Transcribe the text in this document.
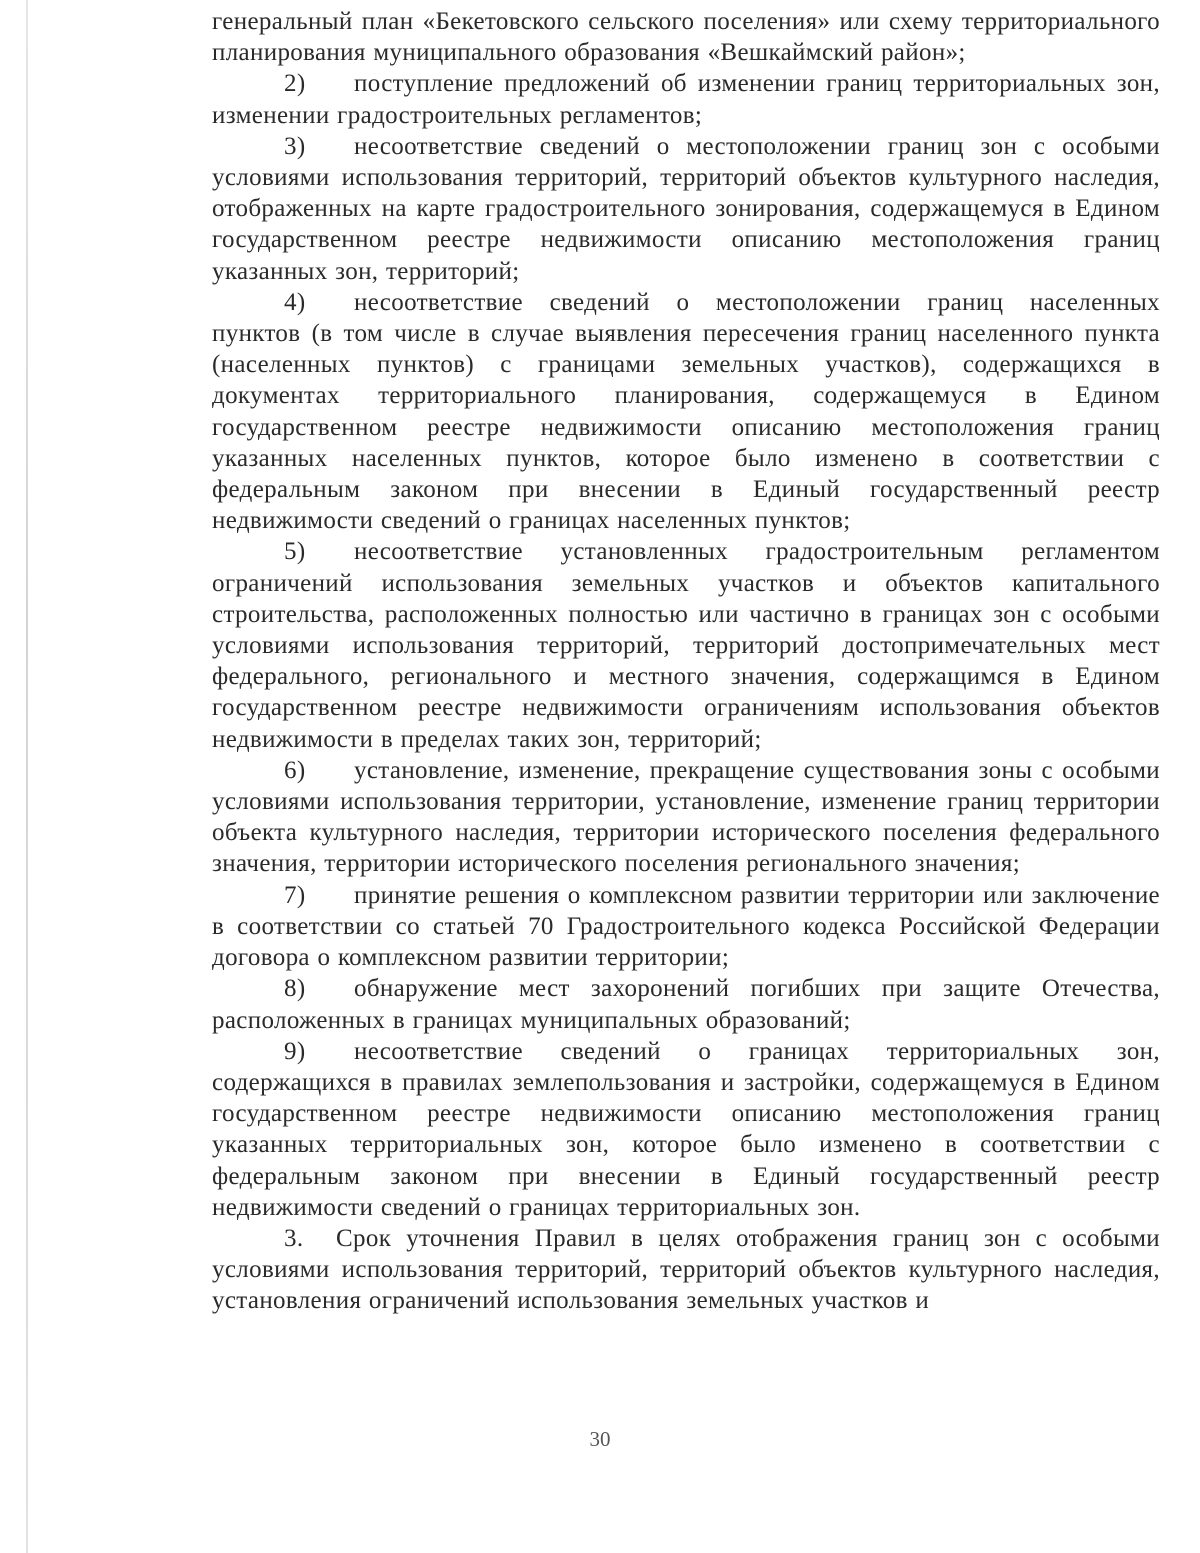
генеральный план «Бекетовского сельского поселения» или схему территориального планирования муниципального образования «Вешкаймский район»;

2) поступление предложений об изменении границ территориальных зон, изменении градостроительных регламентов;

3) несоответствие сведений о местоположении границ зон с особыми условиями использования территорий, территорий объектов культурного наследия, отображенных на карте градостроительного зонирования, содержащемуся в Едином государственном реестре недвижимости описанию местоположения границ указанных зон, территорий;

4) несоответствие сведений о местоположении границ населенных пунктов (в том числе в случае выявления пересечения границ населенного пункта (населенных пунктов) с границами земельных участков), содержащихся в документах территориального планирования, содержащемуся в Едином государственном реестре недвижимости описанию местоположения границ указанных населенных пунктов, которое было изменено в соответствии с федеральным законом при внесении в Единый государственный реестр недвижимости сведений о границах населенных пунктов;

5) несоответствие установленных градостроительным регламентом ограничений использования земельных участков и объектов капитального строительства, расположенных полностью или частично в границах зон с особыми условиями использования территорий, территорий достопримечательных мест федерального, регионального и местного значения, содержащимся в Едином государственном реестре недвижимости ограничениям использования объектов недвижимости в пределах таких зон, территорий;

6) установление, изменение, прекращение существования зоны с особыми условиями использования территории, установление, изменение границ территории объекта культурного наследия, территории исторического поселения федерального значения, территории исторического поселения регионального значения;

7) принятие решения о комплексном развитии территории или заключение в соответствии со статьей 70 Градостроительного кодекса Российской Федерации договора о комплексном развитии территории;

8) обнаружение мест захоронений погибших при защите Отечества, расположенных в границах муниципальных образований;

9) несоответствие сведений о границах территориальных зон, содержащихся в правилах землепользования и застройки, содержащемуся в Едином государственном реестре недвижимости описанию местоположения границ указанных территориальных зон, которое было изменено в соответствии с федеральным законом при внесении в Единый государственный реестр недвижимости сведений о границах территориальных зон.

3. Срок уточнения Правил в целях отображения границ зон с особыми условиями использования территорий, территорий объектов культурного наследия, установления ограничений использования земельных участков и

30
